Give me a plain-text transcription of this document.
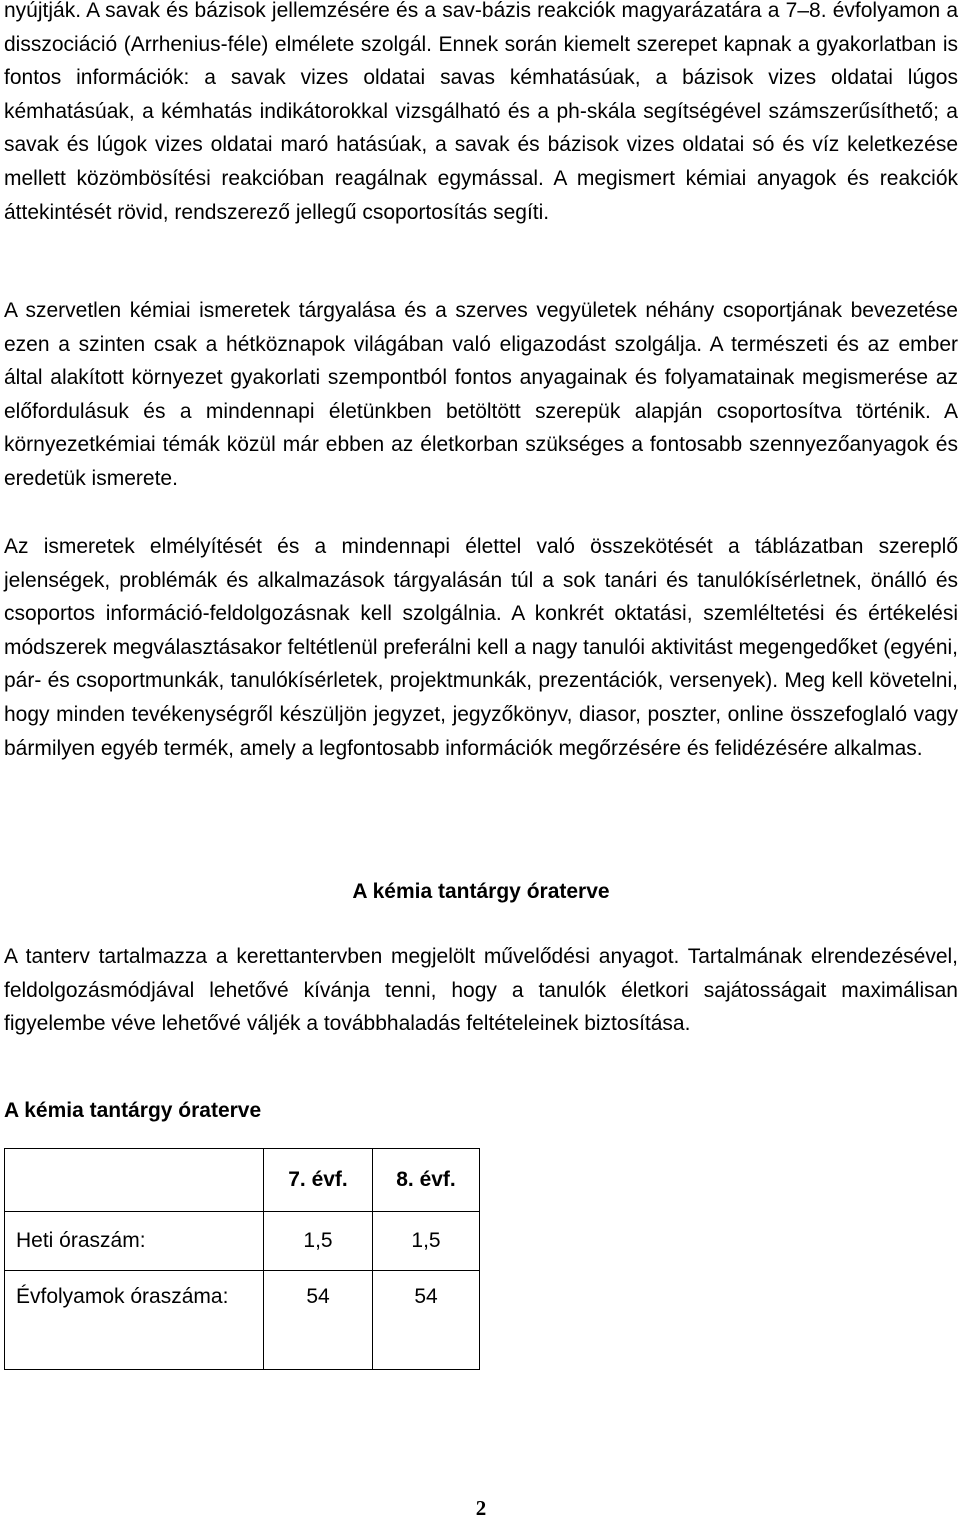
nyújtják. A savak és bázisok jellemzésére és a sav-bázis reakciók magyarázatára a 7–8. évfolyamon a disszociáció (Arrhenius-féle) elmélete szolgál. Ennek során kiemelt szerepet kapnak a gyakorlatban is fontos információk: a savak vizes oldatai savas kémhatásúak, a bázisok vizes oldatai lúgos kémhatásúak, a kémhatás indikátorokkal vizsgálható és a ph-skála segítségével számszerűsíthető; a savak és lúgok vizes oldatai maró hatásúak, a savak és bázisok vizes oldatai só és víz keletkezése mellett közömbösítési reakcióban reagálnak egymással. A megismert kémiai anyagok és reakciók áttekintését rövid, rendszerező jellegű csoportosítás segíti.

A szervetlen kémiai ismeretek tárgyalása és a szerves vegyületek néhány csoportjának bevezetése ezen a szinten csak a hétköznapok világában való eligazodást szolgálja. A természeti és az ember által alakított környezet gyakorlati szempontból fontos anyagainak és folyamatainak megismerése az előfordulásuk és a mindennapi életünkben betöltött szerepük alapján csoportosítva történik. A környezetkémiai témák közül már ebben az életkorban szükséges a fontosabb szennyezőanyagok és eredetük ismerete.

Az ismeretek elmélyítését és a mindennapi élettel való összekötését a táblázatban szereplő jelenségek, problémák és alkalmazások tárgyalásán túl a sok tanári és tanulókísérletnek, önálló és csoportos információ-feldolgozásnak kell szolgálnia. A konkrét oktatási, szemléltetési és értékelési módszerek megválasztásakor feltétlenül preferálni kell a nagy tanulói aktivitást megengedőket (egyéni, pár- és csoportmunkák, tanulókísérletek, projektmunkák, prezentációk, versenyek). Meg kell követelni, hogy minden tevékenységről készüljön jegyzet, jegyzőkönyv, diasor, poszter, online összefoglaló vagy bármilyen egyéb termék, amely a legfontosabb információk megőrzésére és felidézésére alkalmas.

A kémia tantárgy óraterve

A tanterv tartalmazza a kerettantervben megjelölt művelődési anyagot. Tartalmának elrendezésével, feldolgozásmódjával lehetővé kívánja tenni, hogy a tanulók életkori sajátosságait maximálisan figyelembe véve lehetővé váljék a továbbhaladás feltételeinek biztosítása.

A kémia tantárgy óraterve
	7. évf.	8. évf.

Heti óraszám:	1,5	1,5

Évfolyamok óraszáma:	54	54
2
